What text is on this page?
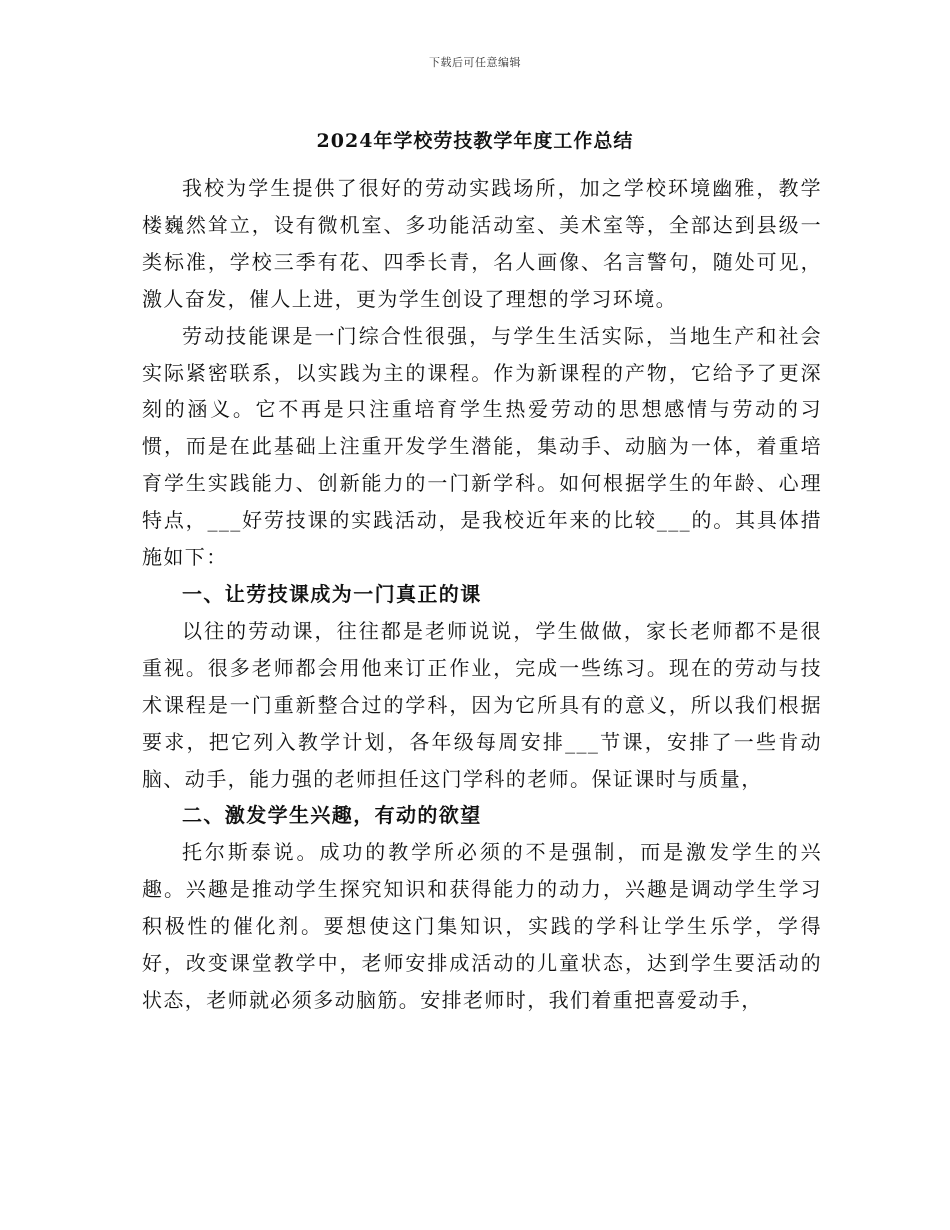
下载后可任意编辑
2024年学校劳技教学年度工作总结

我校为学生提供了很好的劳动实践场所，加之学校环境幽雅，教学楼巍然耸立，设有微机室、多功能活动室、美术室等，全部达到县级一类标准，学校三季有花、四季长青，名人画像、名言警句，随处可见，激人奋发，催人上进，更为学生创设了理想的学习环境。

劳动技能课是一门综合性很强，与学生生活实际，当地生产和社会实际紧密联系，以实践为主的课程。作为新课程的产物，它给予了更深刻的涵义。它不再是只注重培育学生热爱劳动的思想感情与劳动的习惯，而是在此基础上注重开发学生潜能，集动手、动脑为一体，着重培育学生实践能力、创新能力的一门新学科。如何根据学生的年龄、心理特点，___好劳技课的实践活动，是我校近年来的比较___的。其具体措施如下：

一、让劳技课成为一门真正的课

以往的劳动课，往往都是老师说说，学生做做，家长老师都不是很重视。很多老师都会用他来订正作业，完成一些练习。现在的劳动与技术课程是一门重新整合过的学科，因为它所具有的意义，所以我们根据要求，把它列入教学计划，各年级每周安排___节课，安排了一些肯动脑、动手，能力强的老师担任这门学科的老师。保证课时与质量，

二、激发学生兴趣，有动的欲望

托尔斯泰说。成功的教学所必须的不是强制，而是激发学生的兴趣。兴趣是推动学生探究知识和获得能力的动力，兴趣是调动学生学习积极性的催化剂。要想使这门集知识，实践的学科让学生乐学，学得好，改变课堂教学中，老师安排成活动的儿童状态，达到学生要活动的状态，老师就必须多动脑筋。安排老师时，我们着重把喜爱动手，
